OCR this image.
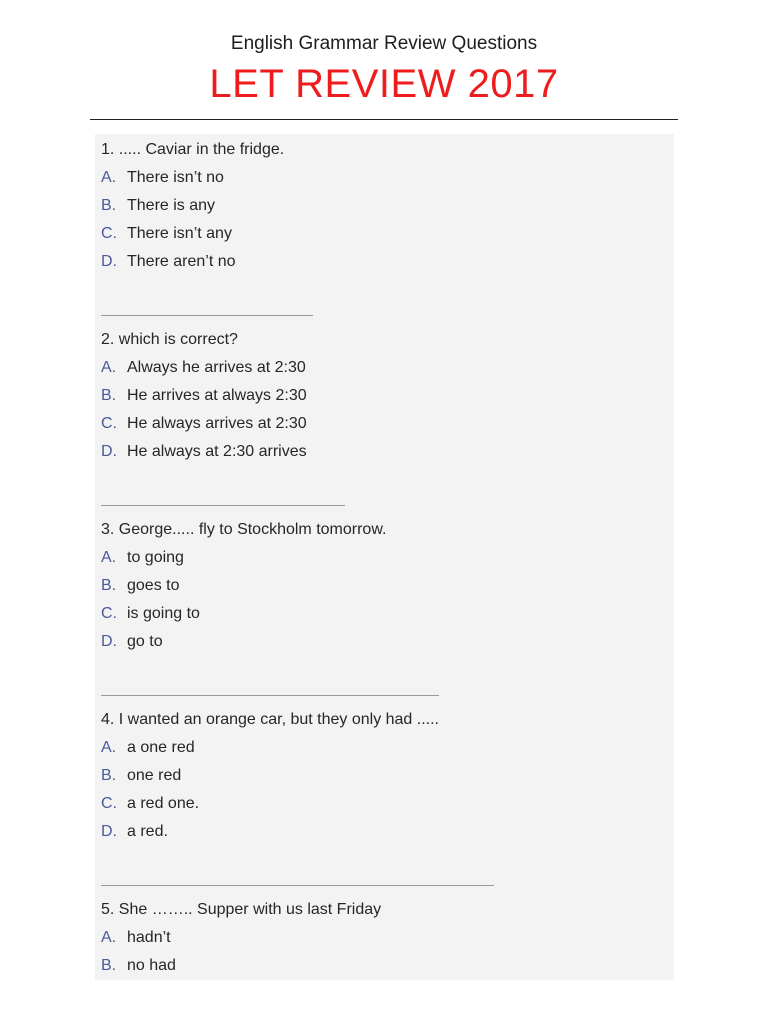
English Grammar Review Questions
LET REVIEW 2017
1. ..... Caviar in the fridge.
A. There isn’t no
B. There is any
C. There isn’t any
D. There aren’t no
2. which is correct?
A. Always he arrives at 2:30
B. He arrives at always 2:30
C. He always arrives at 2:30
D. He always at 2:30 arrives
3. George..... fly to Stockholm tomorrow.
A. to going
B. goes to
C. is going to
D. go to
4. I wanted an orange car, but they only had .....
A. a one red
B. one red
C. a red one.
D. a red.
5. She …….. Supper with us last Friday
A. hadn’t
B. no had
